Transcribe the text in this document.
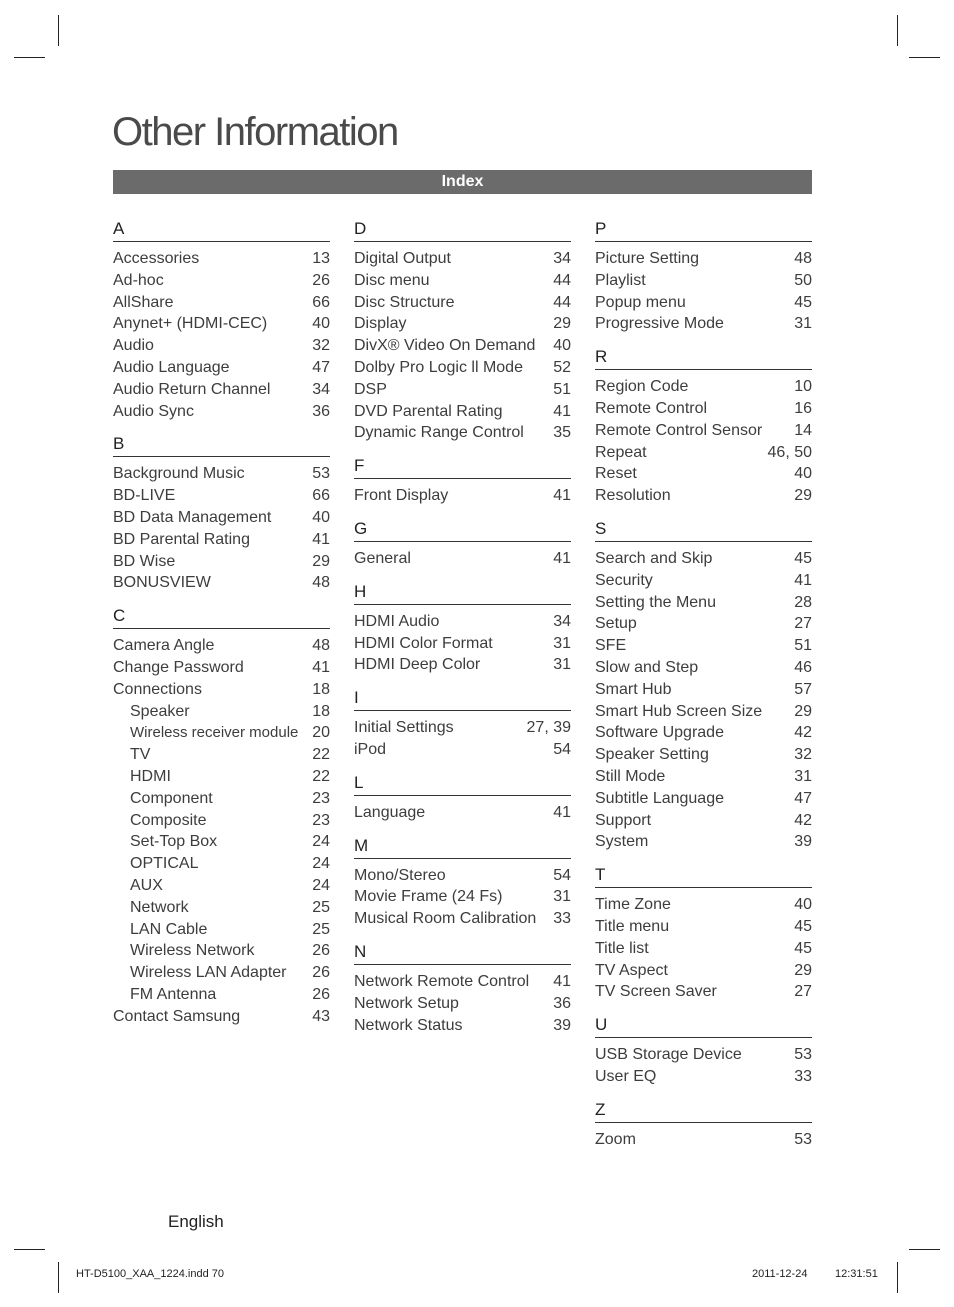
Other Information
Index
A
Accessories	13
Ad-hoc	26
AllShare	66
Anynet+ (HDMI-CEC)	40
Audio	32
Audio Language	47
Audio Return Channel	34
Audio Sync	36
B
Background Music	53
BD-LIVE	66
BD Data Management	40
BD Parental Rating	41
BD Wise	29
BONUSVIEW	48
C
Camera Angle	48
Change Password	41
Connections	18
Speaker	18
Wireless receiver module 20
TV	22
HDMI	22
Component	23
Composite	23
Set-Top Box	24
OPTICAL	24
AUX	24
Network	25
LAN Cable	25
Wireless Network	26
Wireless LAN Adapter 26
FM Antenna	26
Contact Samsung	43
D
Digital Output	34
Disc menu	44
Disc Structure	44
Display	29
DivX® Video On Demand 40
Dolby Pro Logic ll Mode 52
DSP	51
DVD Parental Rating	41
Dynamic Range Control 35
F
Front Display	41
G
General	41
H
HDMI Audio	34
HDMI Color Format	31
HDMI Deep Color	31
I
Initial Settings	27, 39
iPod	54
L
Language	41
M
Mono/Stereo	54
Movie Frame (24 Fs)	31
Musical Room Calibration 33
N
Network Remote Control 41
Network Setup	36
Network Status	39
P
Picture Setting	48
Playlist	50
Popup menu	45
Progressive Mode	31
R
Region Code	10
Remote Control	16
Remote Control Sensor 14
Repeat	46, 50
Reset	40
Resolution	29
S
Search and Skip	45
Security	41
Setting the Menu	28
Setup	27
SFE	51
Slow and Step	46
Smart Hub	57
Smart Hub Screen Size 29
Software Upgrade	42
Speaker Setting	32
Still Mode	31
Subtitle Language	47
Support	42
System	39
T
Time Zone	40
Title menu	45
Title list	45
TV Aspect	29
TV Screen Saver	27
U
USB Storage Device	53
User EQ	33
Z
Zoom	53
English
HT-D5100_XAA_1224.indd 70	2011-12-24	12:31:51
